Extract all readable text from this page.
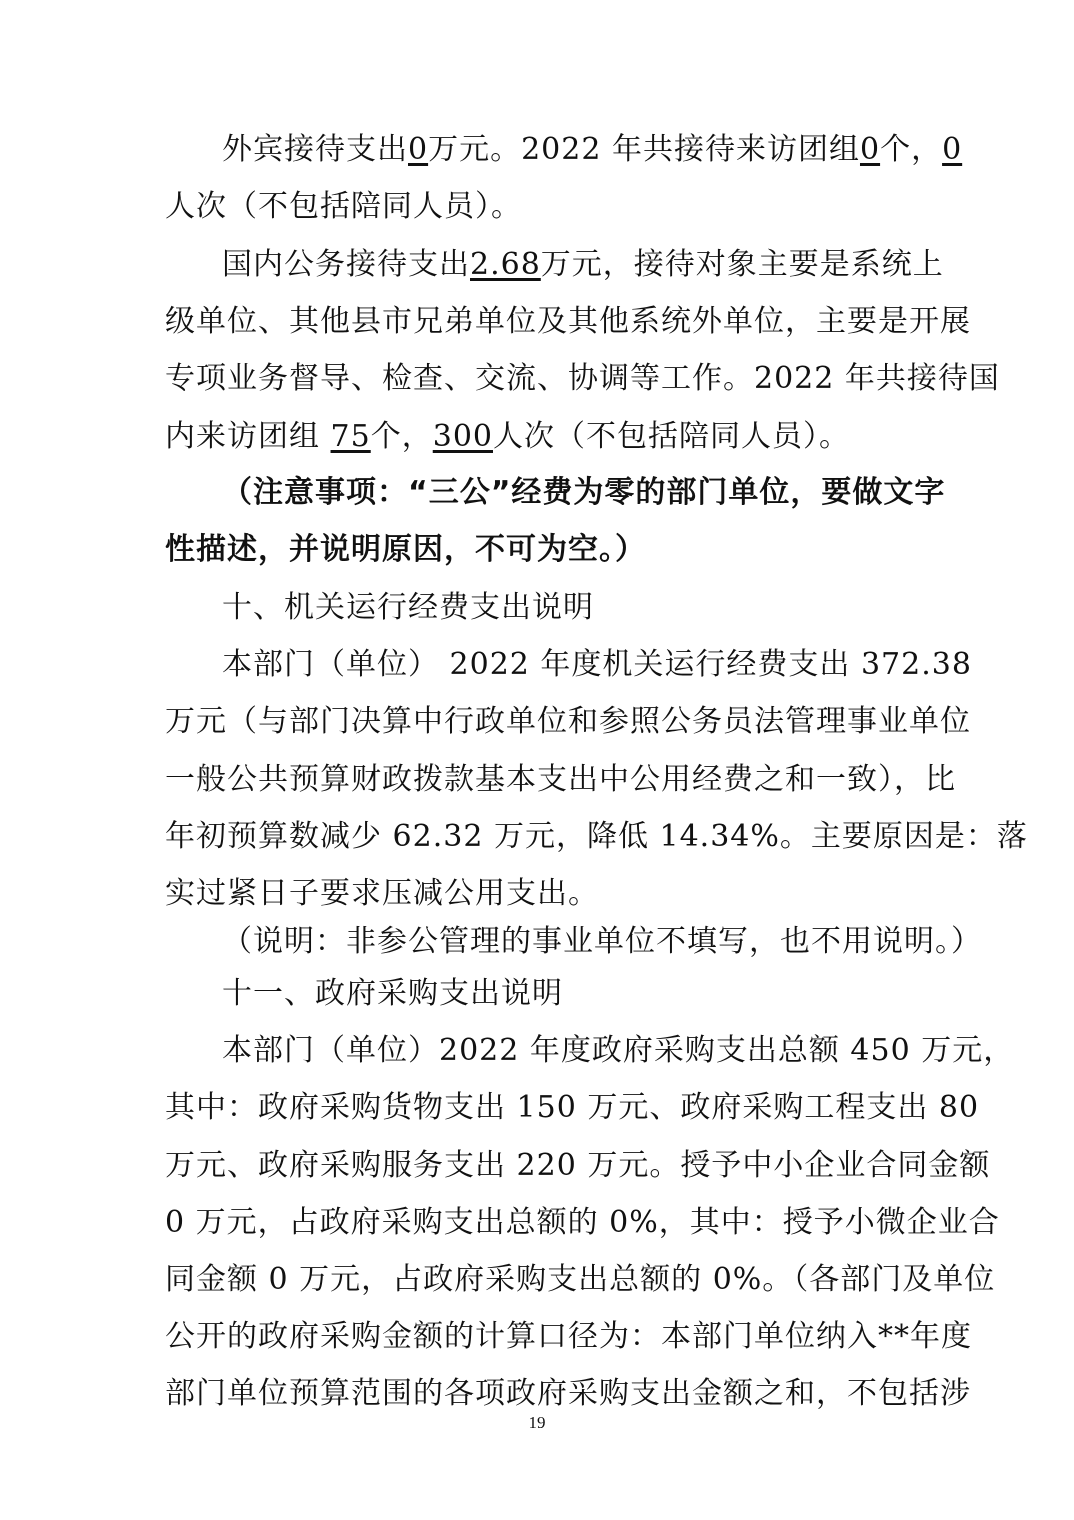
外宾接待支出0万元。2022 年共接待来访团组0个，0
人次（不包括陪同人员）。
国内公务接待支出2.68万元，接待对象主要是系统上
级单位、其他县市兄弟单位及其他系统外单位，主要是开展
专项业务督导、检查、交流、协调等工作。2022 年共接待国
内来访团组 75个，300人次（不包括陪同人员）。
（注意事项：“三公”经费为零的部门单位，要做文字
性描述，并说明原因，不可为空。）
十、机关运行经费支出说明
本部门（单位） 2022 年度机关运行经费支出 372.38
万元（与部门决算中行政单位和参照公务员法管理事业单位
一般公共预算财政拨款基本支出中公用经费之和一致），比
年初预算数减少 62.32 万元，降低 14.34%。主要原因是：落
实过紧日子要求压减公用支出。
（说明：非参公管理的事业单位不填写，也不用说明。）
十一、政府采购支出说明
本部门（单位）2022 年度政府采购支出总额 450 万元，
其中：政府采购货物支出 150 万元、政府采购工程支出 80
万元、政府采购服务支出 220 万元。授予中小企业合同金额
0 万元，占政府采购支出总额的 0%，其中：授予小微企业合
同金额 0 万元，占政府采购支出总额的 0%。（各部门及单位
公开的政府采购金额的计算口径为：本部门单位纳入**年度
部门单位预算范围的各项政府采购支出金额之和，不包括涉
19
